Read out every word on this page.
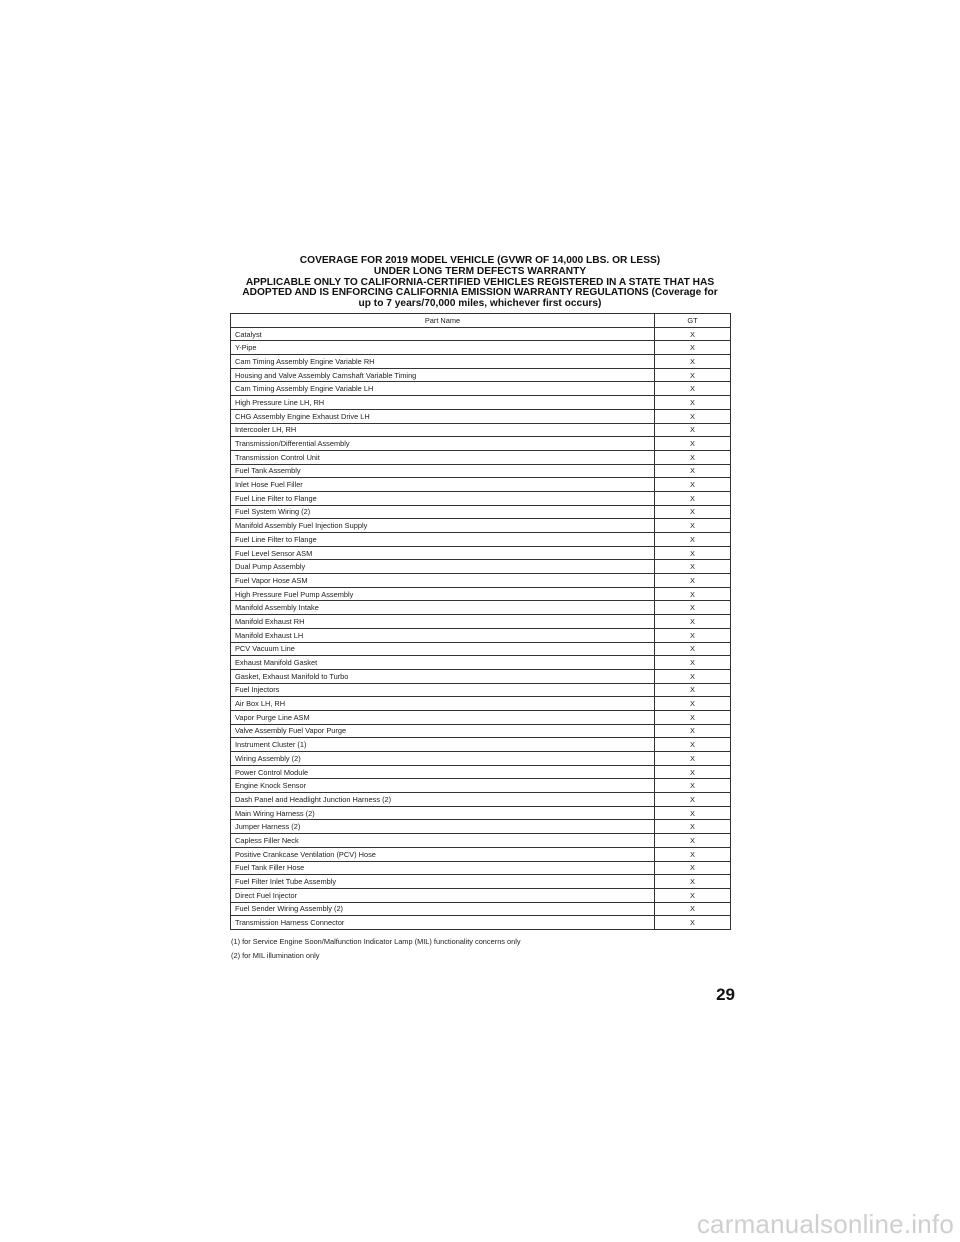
COVERAGE FOR 2019 MODEL VEHICLE (GVWR OF 14,000 LBS. OR LESS)
UNDER LONG TERM DEFECTS WARRANTY
APPLICABLE ONLY TO CALIFORNIA-CERTIFIED VEHICLES REGISTERED IN A STATE THAT HAS
ADOPTED AND IS ENFORCING CALIFORNIA EMISSION WARRANTY REGULATIONS (Coverage for
up to 7 years/70,000 miles, whichever first occurs)
Part Name	GT
Catalyst	X
Y-Pipe	X
Cam Timing Assembly Engine Variable RH	X
Housing and Valve Assembly Camshaft Variable Timing	X
Cam Timing Assembly Engine Variable LH	X
High Pressure Line LH, RH	X
CHG Assembly Engine Exhaust Drive LH	X
Intercooler LH, RH	X
Transmission/Differential Assembly	X
Transmission Control Unit	X
Fuel Tank Assembly	X
Inlet Hose Fuel Filler	X
Fuel Line Filter to Flange	X
Fuel System Wiring (2)	X
Manifold Assembly Fuel Injection Supply	X
Fuel Line Filter to Flange	X
Fuel Level Sensor ASM	X
Dual Pump Assembly	X
Fuel Vapor Hose ASM	X
High Pressure Fuel Pump Assembly	X
Manifold Assembly Intake	X
Manifold Exhaust RH	X
Manifold Exhaust LH	X
PCV Vacuum Line	X
Exhaust Manifold Gasket	X
Gasket, Exhaust Manifold to Turbo	X
Fuel Injectors	X
Air Box LH, RH	X
Vapor Purge Line ASM	X
Valve Assembly Fuel Vapor Purge	X
Instrument Cluster (1)	X
Wiring Assembly (2)	X
Power Control Module	X
Engine Knock Sensor	X
Dash Panel and Headlight Junction Harness (2)	X
Main Wiring Harness (2)	X
Jumper Harness (2)	X
Capless Filler Neck	X
Positive Crankcase Ventilation (PCV) Hose	X
Fuel Tank Filler Hose	X
Fuel Filter Inlet Tube Assembly	X
Direct Fuel Injector	X
Fuel Sender Wiring Assembly (2)	X
Transmission Harness Connector	X
(1) for Service Engine Soon/Malfunction Indicator Lamp (MIL) functionality concerns only
(2) for MIL illumination only
29
carmanualsonline.info
